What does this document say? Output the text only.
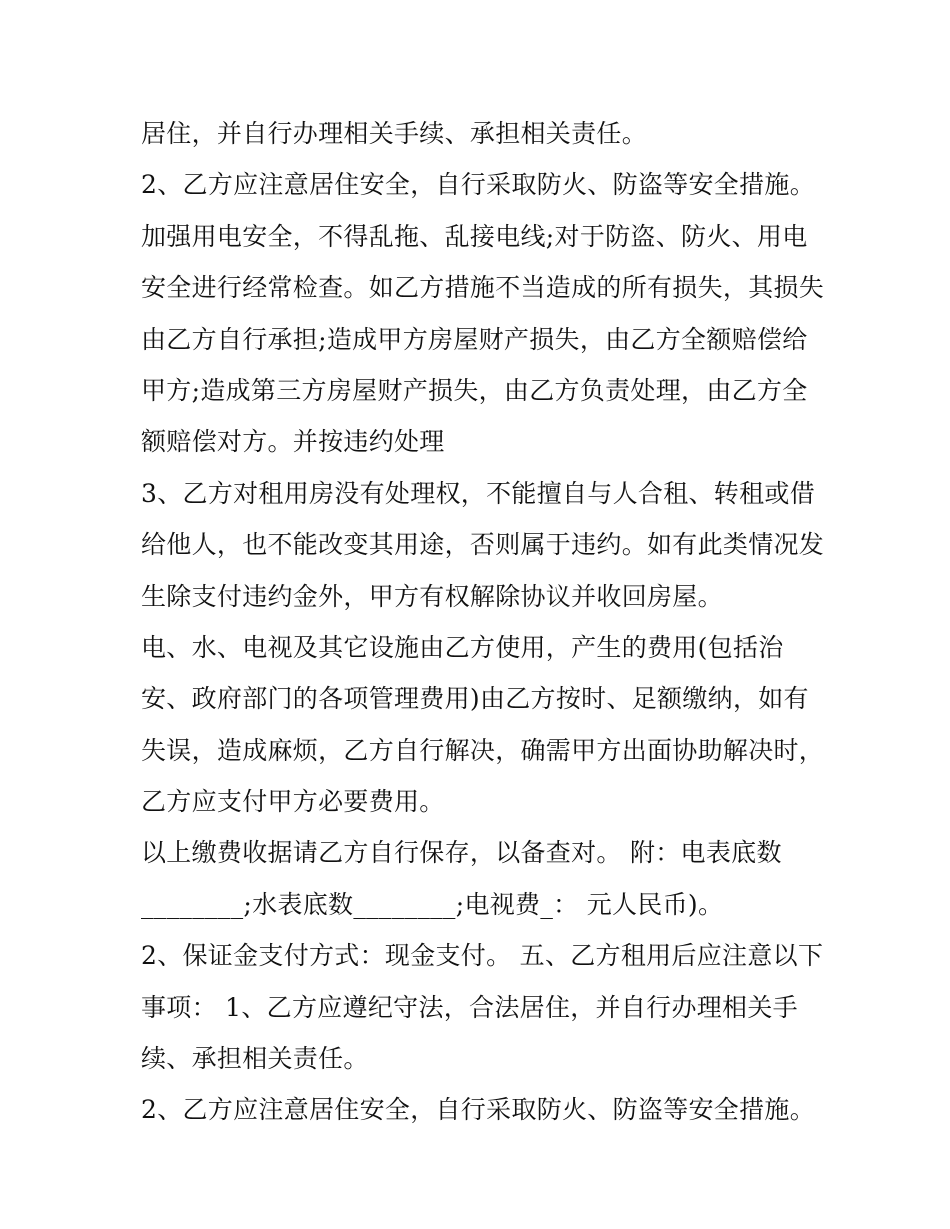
居住，并自行办理相关手续、承担相关责任。
2、乙方应注意居住安全，自行采取防火、防盗等安全措施。
加强用电安全，不得乱拖、乱接电线;对于防盗、防火、用电
安全进行经常检查。如乙方措施不当造成的所有损失，其损失
由乙方自行承担;造成甲方房屋财产损失，由乙方全额赔偿给
甲方;造成第三方房屋财产损失，由乙方负责处理，由乙方全
额赔偿对方。并按违约处理
3、乙方对租用房没有处理权，不能擅自与人合租、转租或借
给他人，也不能改变其用途，否则属于违约。如有此类情况发
生除支付违约金外，甲方有权解除协议并收回房屋。
电、水、电视及其它设施由乙方使用，产生的费用(包括治
安、政府部门的各项管理费用)由乙方按时、足额缴纳，如有
失误，造成麻烦，乙方自行解决，确需甲方出面协助解决时，
乙方应支付甲方必要费用。
以上缴费收据请乙方自行保存，以备查对。 附：电表底数
________;水表底数________;电视费_： 元人民币)。
2、保证金支付方式：现金支付。 五、乙方租用后应注意以下
事项： 1、乙方应遵纪守法，合法居住，并自行办理相关手
续、承担相关责任。
2、乙方应注意居住安全，自行采取防火、防盗等安全措施。
